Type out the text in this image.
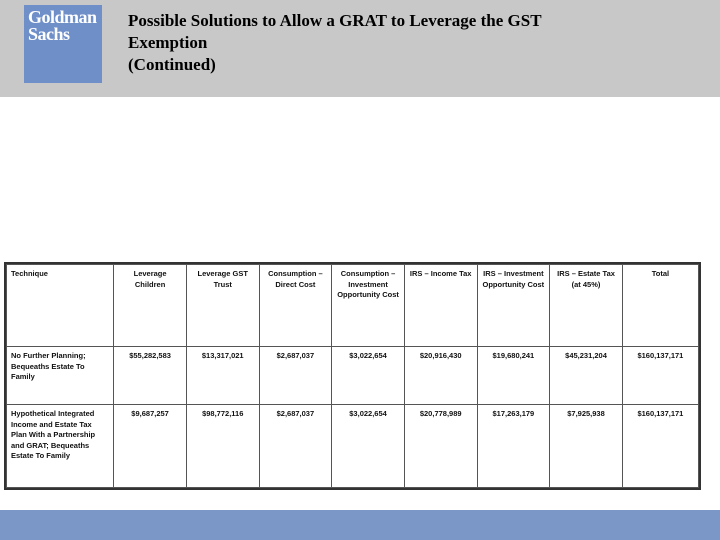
Goldman
Sachs
Possible Solutions to Allow a GRAT to Leverage the GST
Exemption
(Continued)
Technique	Leverage Children	Leverage GST Trust	Consumption – Direct Cost	Consumption – Investment Opportunity Cost	IRS – Income Tax	IRS – Investment Opportunity Cost	IRS – Estate Tax (at 45%)	Total
No Further Planning; Bequeaths Estate To Family	$55,282,583	$13,317,021	$2,687,037	$3,022,654	$20,916,430	$19,680,241	$45,231,204	$160,137,171
Hypothetical Integrated Income and Estate Tax Plan With a Partnership and GRAT; Bequeaths Estate To Family	$9,687,257	$98,772,116	$2,687,037	$3,022,654	$20,778,989	$17,263,179	$7,925,938	$160,137,171
